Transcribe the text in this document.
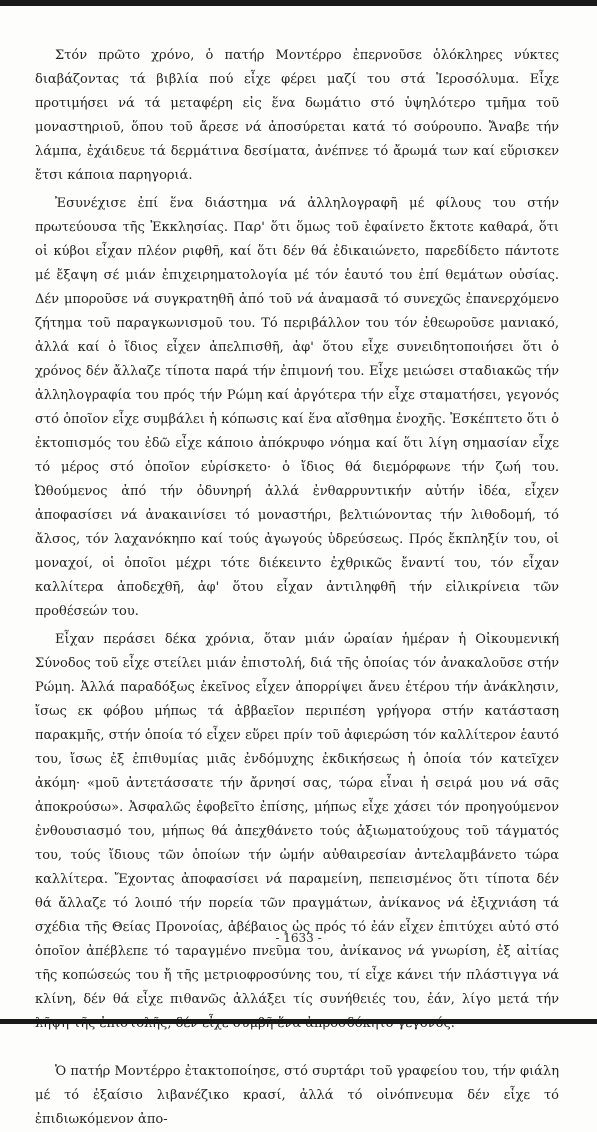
Στόν πρῶτο χρόνο, ὁ πατήρ Μοντέρρο ἐπερνοῦσε ὁλόκληρες νύκτες διαβάζοντας τά βιβλία πού εἶχε φέρει μαζί του στά Ἱεροσόλυμα. Εἶχε προτιμήσει νά τά μεταφέρη εἰς ἕνα δωμάτιο στό ὑψηλότερο τμῆμα τοῦ μοναστηριοῦ, ὅπου τοῦ ἄρεσε νά ἀποσύρεται κατά τό σούρουπο. Ἄναβε τήν λάμπα, ἐχάιδευε τά δερμάτινα δεσίματα, ἀνέπνεε τό ἄρωμά των καί εὕρισκεν ἔτσι κάποια παρηγοριά.

Ἐσυνέχισε ἐπί ἕνα διάστημα νά ἀλληλογραφῆ μέ φίλους του στήν πρωτεύουσα τῆς Ἐκκλησίας. Παρ' ὅτι ὅμως τοῦ ἐφαίνετο ἔκτοτε καθαρά, ὅτι οἱ κύβοι εἶχαν πλέον ριφθῆ, καί ὅτι δέν θά ἐδικαιώνετο, παρεδίδετο πάντοτε μέ ἔξαψη σέ μιάν ἐπιχειρηματολογία μέ τόν ἑαυτό του ἐπί θεμάτων οὐσίας. Δέν μποροῦσε νά συγκρατηθῆ ἀπό τοῦ νά ἀναμασᾶ τό συνεχῶς ἐπανερχόμενο ζήτημα τοῦ παραγκωνισμοῦ του. Τό περιβάλλον του τόν ἐθεωροῦσε μανιακό, ἀλλά καί ὁ ἴδιος εἶχεν ἀπελπισθῆ, ἀφ' ὅτου εἶχε συνειδητοποιήσει ὅτι ὁ χρόνος δέν ἄλλαζε τίποτα παρά τήν ἐπιμονή του. Εἶχε μειώσει σταδιακῶς τήν ἀλληλογραφία του πρός τήν Ρώμη καί ἀργότερα τήν εἶχε σταματήσει, γεγονός στό ὁποῖον εἶχε συμβάλει ἡ κόπωσις καί ἕνα αἴσθημα ἐνοχῆς. Ἐσκέπτετο ὅτι ὁ ἐκτοπισμός του ἐδῶ εἶχε κάποιο ἀπόκρυφο νόημα καί ὅτι λίγη σημασίαν εἶχε τό μέρος στό ὁποῖον εὑρίσκετο· ὁ ἴδιος θά διεμόρφωνε τήν ζωή του. Ὠθούμενος ἀπό τήν ὀδυνηρή ἀλλά ἐνθαρρυντικήν αὐτήν ἰδέα, εἶχεν ἀποφασίσει νά ἀνακαινίσει τό μοναστήρι, βελτιώνοντας τήν λιθοδομή, τό ἄλσος, τόν λαχανόκηπο καί τούς ἀγωγούς ὑδρεύσεως. Πρός ἔκπληξίν του, οἱ μοναχοί, οἱ ὁποῖοι μέχρι τότε διέκειντο ἐχθρικῶς ἔναντί του, τόν εἶχαν καλλίτερα ἀποδεχθῆ, ἀφ' ὅτου εἶχαν ἀντιληφθῆ τήν εἰλικρίνεια τῶν προθέσεών του.

Εἶχαν περάσει δέκα χρόνια, ὅταν μιάν ὡραίαν ἡμέραν ἡ Οἰκουμενική Σύνοδος τοῦ εἶχε στείλει μιάν ἐπιστολή, διά τῆς ὁποίας τόν ἀνακαλοῦσε στήν Ρώμη. Ἀλλά παραδόξως ἐκεῖνος εἶχεν ἀπορρίψει ἄνευ ἑτέρου τήν ἀνάκλησιν, ἴσως εκ φόβου μήπως τά ἀββαεῖον περιπέση γρήγορα στήν κατάσταση παρακμῆς, στήν ὁποία τό εἶχεν εὕρει πρίν τοῦ ἀφιερώση τόν καλλίτερον ἑαυτό του, ἴσως ἐξ ἐπιθυμίας μιᾶς ἐνδόμυχης ἐκδικήσεως ἡ ὁποία τόν κατεῖχεν ἀκόμη· «μοῦ ἀντετάσσατε τήν ἄρνησί σας, τώρα εἶναι ἡ σειρά μου νά σᾶς ἀποκρούσω». Ἀσφαλῶς ἐφοβεῖτο ἐπίσης, μήπως εἶχε χάσει τόν προηγούμενον ἐνθουσιασμό του, μήπως θά ἀπεχθάνετο τούς ἀξιωματούχους τοῦ τάγματός του, τούς ἴδιους τῶν ὁποίων τήν ὠμήν αὐθαιρεσίαν ἀντελαμβάνετο τώρα καλλίτερα. Ἔχοντας ἀποφασίσει νά παραμείνη, πεπεισμένος ὅτι τίποτα δέν θά ἄλλαζε τό λοιπό τήν πορεία τῶν πραγμάτων, ἀνίκανος νά ἐξιχνιάση τά σχέδια τῆς Θείας Προνοίας, ἀβέβαιος ὡς πρός τό ἐάν εἶχεν ἐπιτύχει αὐτό στό ὁποῖον ἀπέβλεπε τό ταραγμένο πνεῦμα του, ἀνίκανος νά γνωρίση, ἐξ αἰτίας τῆς κοπώσεώς του ἤ τῆς μετριοφροσύνης του, τί εἶχε κάνει τήν πλάστιγγα νά κλίνη, δέν θά εἶχε πιθανῶς ἀλλάξει τίς συνήθειές του, ἐάν, λίγο μετά τήν

Ὁ πατήρ Μοντέρρο ἐτακτοποίησε, στό συρτάρι τοῦ γραφείου του, τήν φιάλη μέ τό ἐξαίσιο λιβανέζικο κρασί, ἀλλά τό οἰνόπνευμα δέν εἶχε τό ἐπιδιωκόμενον ἀπο-

- 1633 -
